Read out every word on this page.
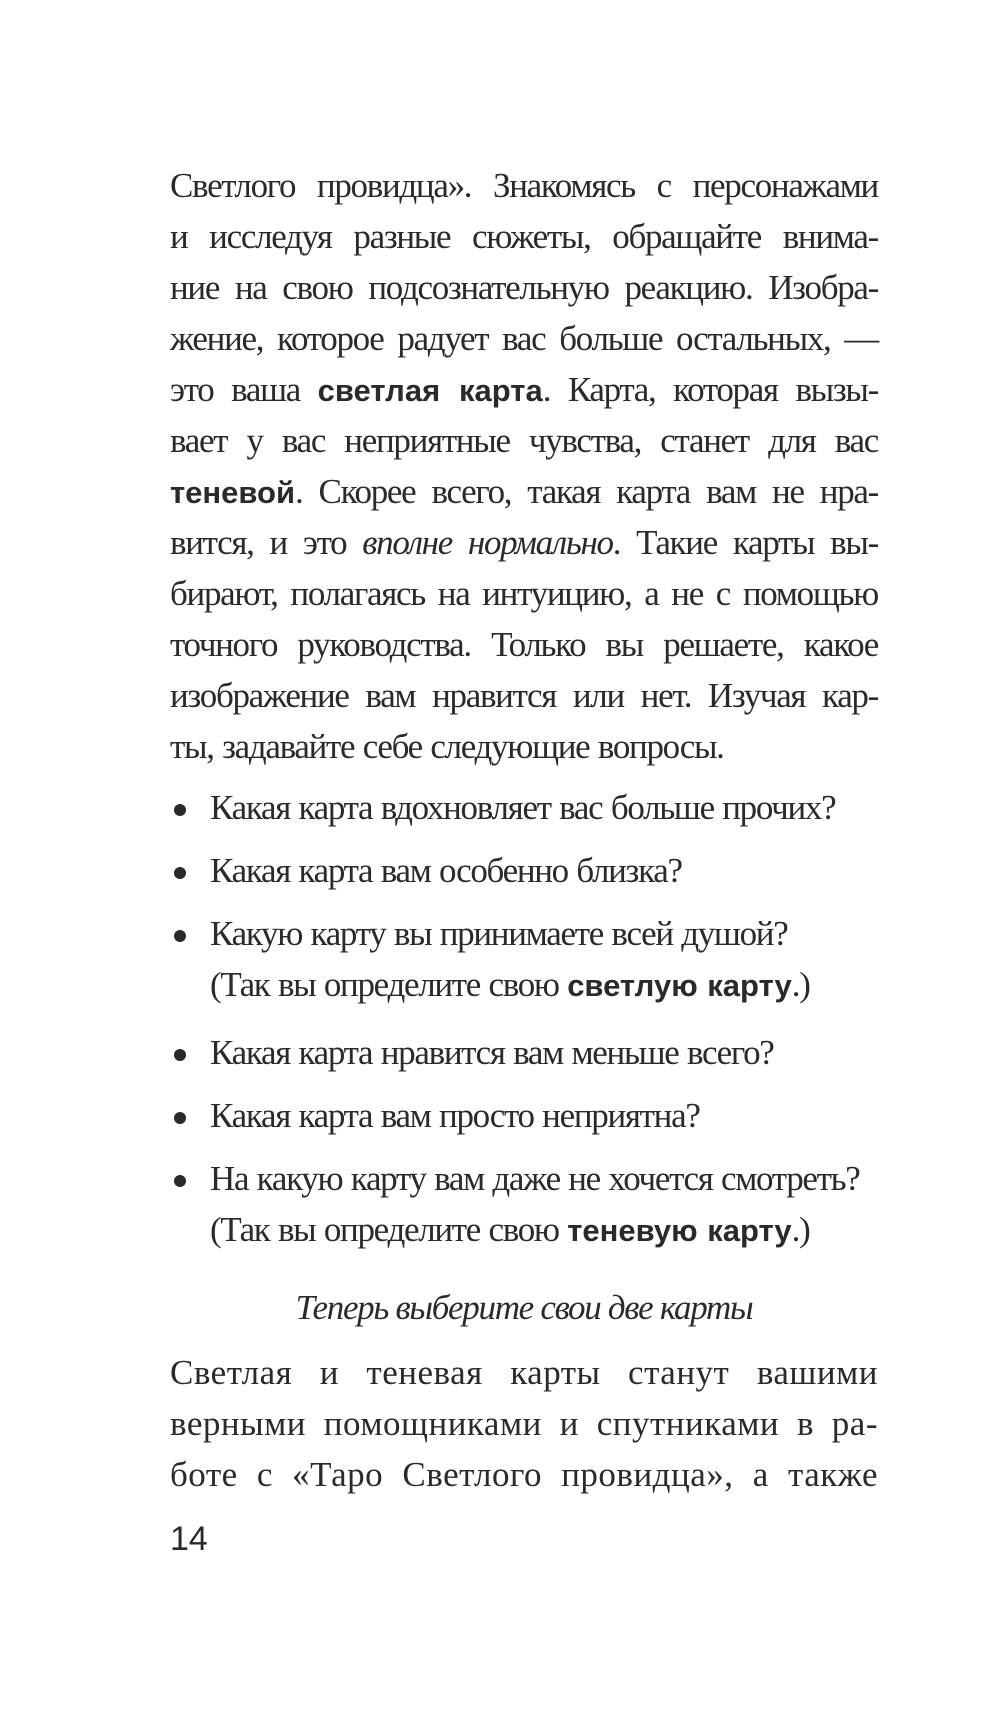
Светлого провидца». Знакомясь с персонажами
и исследуя разные сюжеты, обращайте внима-
ние на свою подсознательную реакцию. Изобра-
жение, которое радует вас больше остальных, —
это ваша светлая карта. Карта, которая вызы-
вает у вас неприятные чувства, станет для вас
теневой. Скорее всего, такая карта вам не нра-
вится, и это вполне нормально. Такие карты вы-
бирают, полагаясь на интуицию, а не с помощью
точного руководства. Только вы решаете, какое
изображение вам нравится или нет. Изучая кар-
ты, задавайте себе следующие вопросы.
Какая карта вдохновляет вас больше прочих?
Какая карта вам особенно близка?
Какую карту вы принимаете всей душой?
(Так вы определите свою светлую карту.)
Какая карта нравится вам меньше всего?
Какая карта вам просто неприятна?
На какую карту вам даже не хочется смотреть?
(Так вы определите свою теневую карту.)
Теперь выберите свои две карты
Светлая и теневая карты станут вашими
верными помощниками и спутниками в ра-
боте с «Таро Светлого провидца», а также
14
